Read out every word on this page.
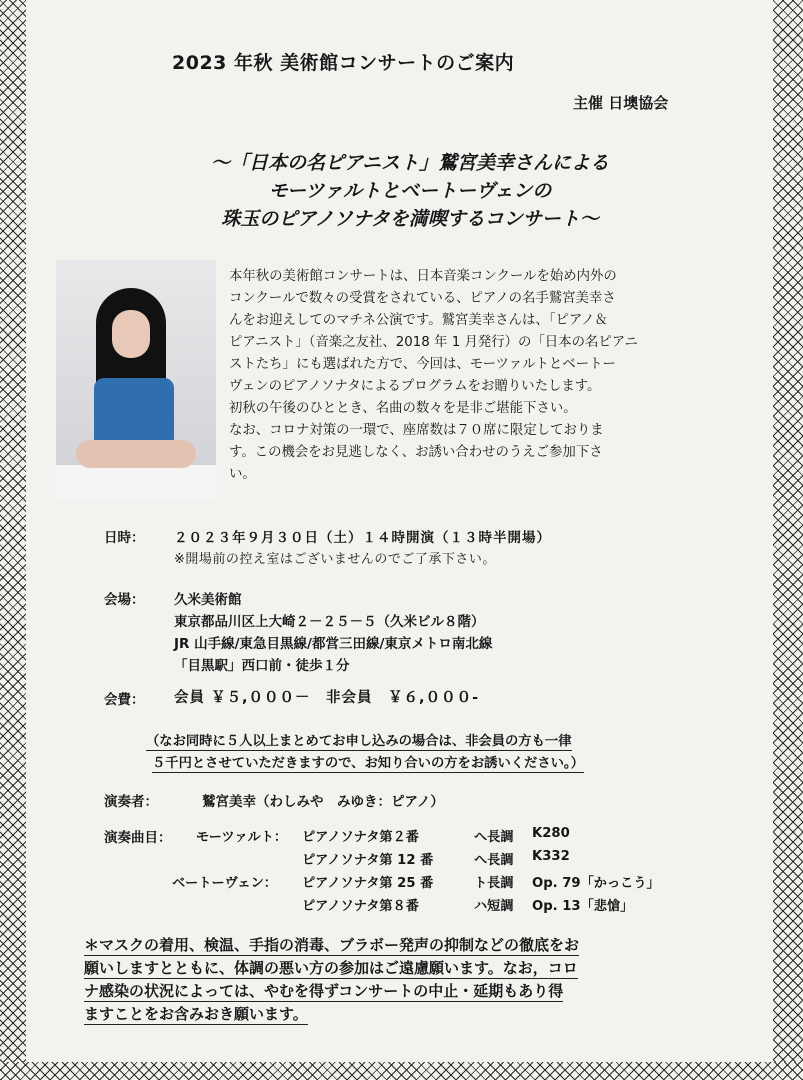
2023 年秋 美術館コンサートのご案内
主催 日墺協会
～「日本の名ピアニスト」鷲宮美幸さんによる
モーツァルトとベートーヴェンの
珠玉のピアノソナタを満喫するコンサート～
本年秋の美術館コンサートは、日本音楽コンクールを始め内外の
コンクールで数々の受賞をされている、ピアノの名手鷲宮美幸さ
んをお迎えしてのマチネ公演です。鷲宮美幸さんは、「ピアノ＆
ピアニスト」（音楽之友社、2018 年 1 月発行）の「日本の名ピアニ
ストたち」にも選ばれた方で、今回は、モーツァルトとベートー
ヴェンのピアノソナタによるプログラムをお贈りいたします。
初秋の午後のひととき、名曲の数々を是非ご堪能下さい。
なお、コロナ対策の一環で、座席数は７０席に限定しておりま
す。この機会をお見逃しなく、お誘い合わせのうえご参加下さ
い。
日時： ２０２３年９月３０日（土）１４時開演（１３時半開場）
※開場前の控え室はございませんのでご了承下さい。
会場： 久米美術館
東京都品川区上大崎２－２５－５（久米ビル８階）
JR 山手線/東急目黒線/都営三田線/東京メトロ南北線
「目黒駅」西口前・徒歩１分
会費： 会員 ￥５,０００－　非会員　￥６,０００-
（なお同時に５人以上まとめてお申し込みの場合は、非会員の方も一律
５千円とさせていただきますので、お知り合いの方をお誘いください。）
演奏者：	鷲宮美幸（わしみや　みゆき：ピアノ）
演奏曲目： モーツァルト： ピアノソナタ第２番	へ長調 K280
ピアノソナタ第 12 番	へ長調 K332
ベートーヴェン： ピアノソナタ第 25 番	ト長調 Op. 79「かっこう」
ピアノソナタ第８番	ハ短調 Op. 13「悲愴」
＊マスクの着用、検温、手指の消毒、ブラボー発声の抑制などの徹底をお
願いしますとともに、体調の悪い方の参加はご遠慮願います。なお，コロ
ナ感染の状況によっては、やむを得ずコンサートの中止・延期もあり得
ますことをお含みおき願います。
